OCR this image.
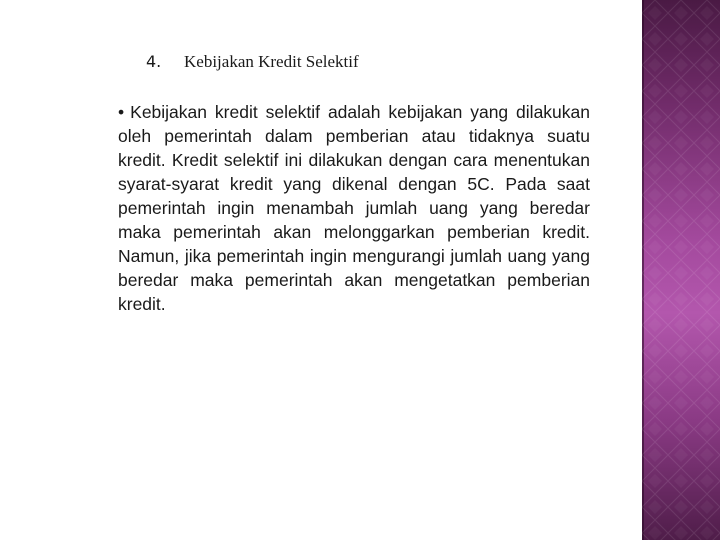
4.	Kebijakan Kredit Selektif

• Kebijakan kredit selektif adalah kebijakan yang dilakukan oleh pemerintah dalam pemberian atau tidaknya suatu kredit. Kredit selektif ini dilakukan dengan cara menentukan syarat-syarat kredit yang dikenal dengan 5C. Pada saat pemerintah ingin menambah jumlah uang yang beredar maka pemerintah akan melonggarkan pemberian kredit. Namun, jika pemerintah ingin mengurangi jumlah uang yang beredar maka pemerintah akan mengetatkan pemberian kredit.
